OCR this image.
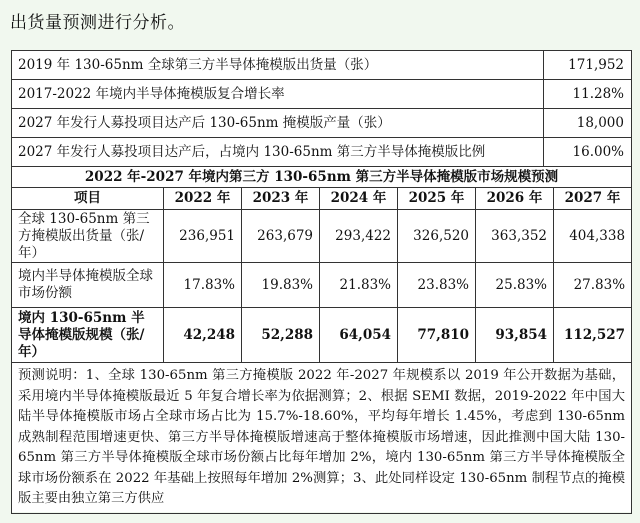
出货量预测进行分析。
2019 年 130-65nm 全球第三方半导体掩模版出货量（张）	171,952
2017-2022 年境内半导体掩模版复合增长率	11.28%
2027 年发行人募投项目达产后 130-65nm 掩模版产量（张）	18,000
2027 年发行人募投项目达产后，占境内 130-65nm 第三方半导体掩模版比例	16.00%
2022 年-2027 年境内第三方 130-65nm 第三方半导体掩模版市场规模预测						
项目	2022 年	2023 年	2024 年	2025 年	2026 年	2027 年
全球 130-65nm 第三方掩模版出货量（张/年）	236,951	263,679	293,422	326,520	363,352	404,338
境内半导体掩模版全球市场份额	17.83%	19.83%	21.83%	23.83%	25.83%	27.83%
境内 130-65nm 半导体掩模版规模（张/年）	42,248	52,288	64,054	77,810	93,854	112,527
预测说明：1、全球 130-65nm 第三方掩模版 2022 年-2027 年规模系以 2019 年公开数据为基础，采用境内半导体掩模版最近 5 年复合增长率为依据测算；2、根据 SEMI 数据，2019-2022 年中国大陆半导体掩模版市场占全球市场占比为 15.7%-18.60%，平均每年增长 1.45%，考虑到 130-65nm 成熟制程范围增速更快、第三方半导体掩模版增速高于整体掩模版市场增速，因此推测中国大陆 130-65nm 第三方半导体掩模版全球市场份额占比每年增加 2%，境内 130-65nm 第三方半导体掩模版全球市场份额系在 2022 年基础上按照每年增加 2%测算；3、此处同样设定 130-65nm 制程节点的掩模版主要由独立第三方供应						
